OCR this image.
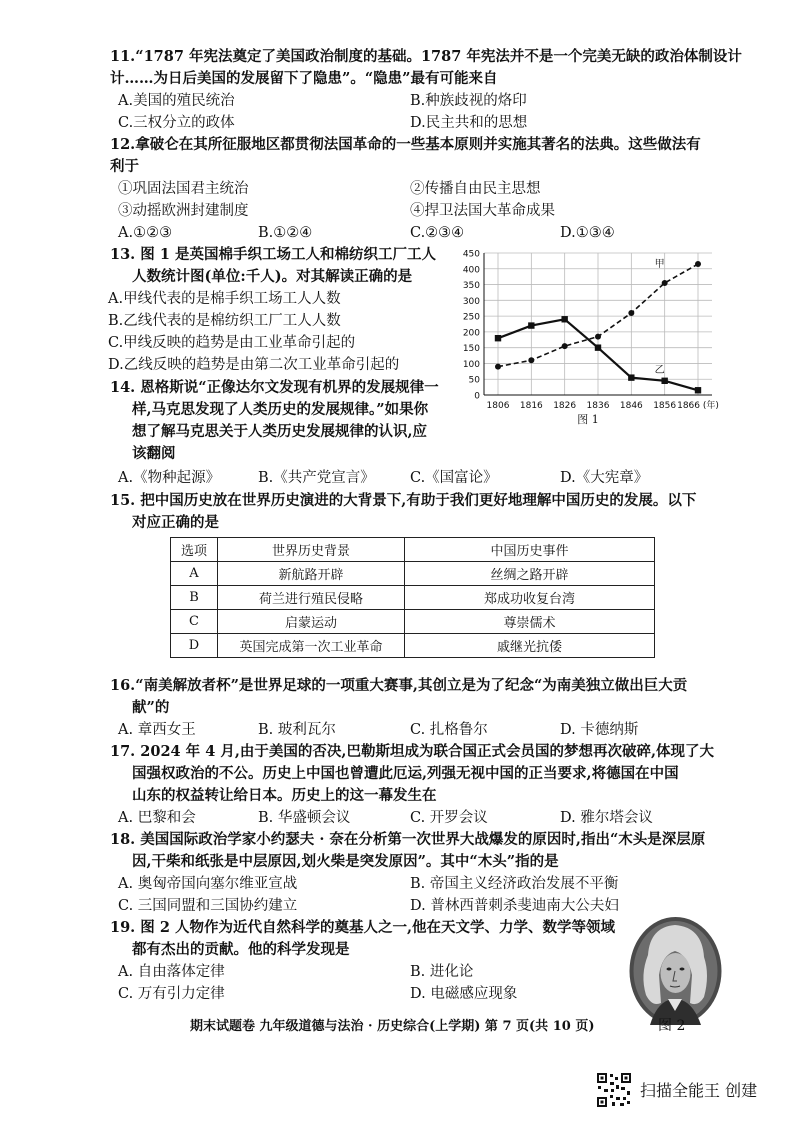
11.“1787 年宪法奠定了美国政治制度的基础。1787 年宪法并不是一个完美无缺的政治体制设计
计……为日后美国的发展留下了隐患”。“隐患”最有可能来自
A.美国的殖民统治	B.种族歧视的烙印
C.三权分立的政体	D.民主共和的思想
12.拿破仑在其所征服地区都贯彻法国革命的一些基本原则并实施其著名的法典。这些做法有
利于
①巩固法国君主统治	②传播自由民主思想
③动摇欧洲封建制度	④捍卫法国大革命成果
A.①②③	B.①②④	C.②③④	D.①③④
13. 图 1 是英国棉手织工场工人和棉纺织工厂工人
人数统计图(单位:千人)。对其解读正确的是
A.甲线代表的是棉手织工场工人人数
B.乙线代表的是棉纺织工厂工人人数
C.甲线反映的趋势是由工业革命引起的
D.乙线反映的趋势是由第二次工业革命引起的
0
50
100
150
200
250
300
350
400
450
1806 1816 1826 1836 1846 1856 1866 (年)
甲
乙
图 1
14. 恩格斯说“正像达尔文发现有机界的发展规律一
样,马克思发现了人类历史的发展规律。”如果你
想了解马克思关于人类历史发展规律的认识,应
该翻阅
A.《物种起源》	B.《共产党宣言》 C.《国富论》	D.《大宪章》
15. 把中国历史放在世界历史演进的大背景下,有助于我们更好地理解中国历史的发展。以下
对应正确的是
选项	世界历史背景	中国历史事件
A	新航路开辟	丝绸之路开辟
B	荷兰进行殖民侵略	郑成功收复台湾
C	启蒙运动	尊崇儒术
D	英国完成第一次工业革命	戚继光抗倭
16.“南美解放者杯”是世界足球的一项重大赛事,其创立是为了纪念“为南美独立做出巨大贡
献”的
A. 章西女王	B. 玻利瓦尔	C. 扎格鲁尔	D. 卡德纳斯
17. 2024 年 4 月,由于美国的否决,巴勒斯坦成为联合国正式会员国的梦想再次破碎,体现了大
国强权政治的不公。历史上中国也曾遭此厄运,列强无视中国的正当要求,将德国在中国
山东的权益转让给日本。历史上的这一幕发生在
A. 巴黎和会	B. 华盛顿会议	C. 开罗会议	D. 雅尔塔会议
18. 美国国际政治学家小约瑟夫 · 奈在分析第一次世界大战爆发的原因时,指出“木头是深层原
因,干柴和纸张是中层原因,划火柴是突发原因”。其中“木头”指的是
A. 奥匈帝国向塞尔维亚宣战	B. 帝国主义经济政治发展不平衡
C. 三国同盟和三国协约建立	D. 普林西普刺杀斐迪南大公夫妇
19. 图 2 人物作为近代自然科学的奠基人之一,他在天文学、力学、数学等领域
都有杰出的贡献。他的科学发现是
A. 自由落体定律	B. 进化论
C. 万有引力定律	D. 电磁感应现象
期末试题卷 九年级道德与法治 · 历史综合(上学期) 第 7 页(共 10 页)	图 2
扫描全能王 创建
